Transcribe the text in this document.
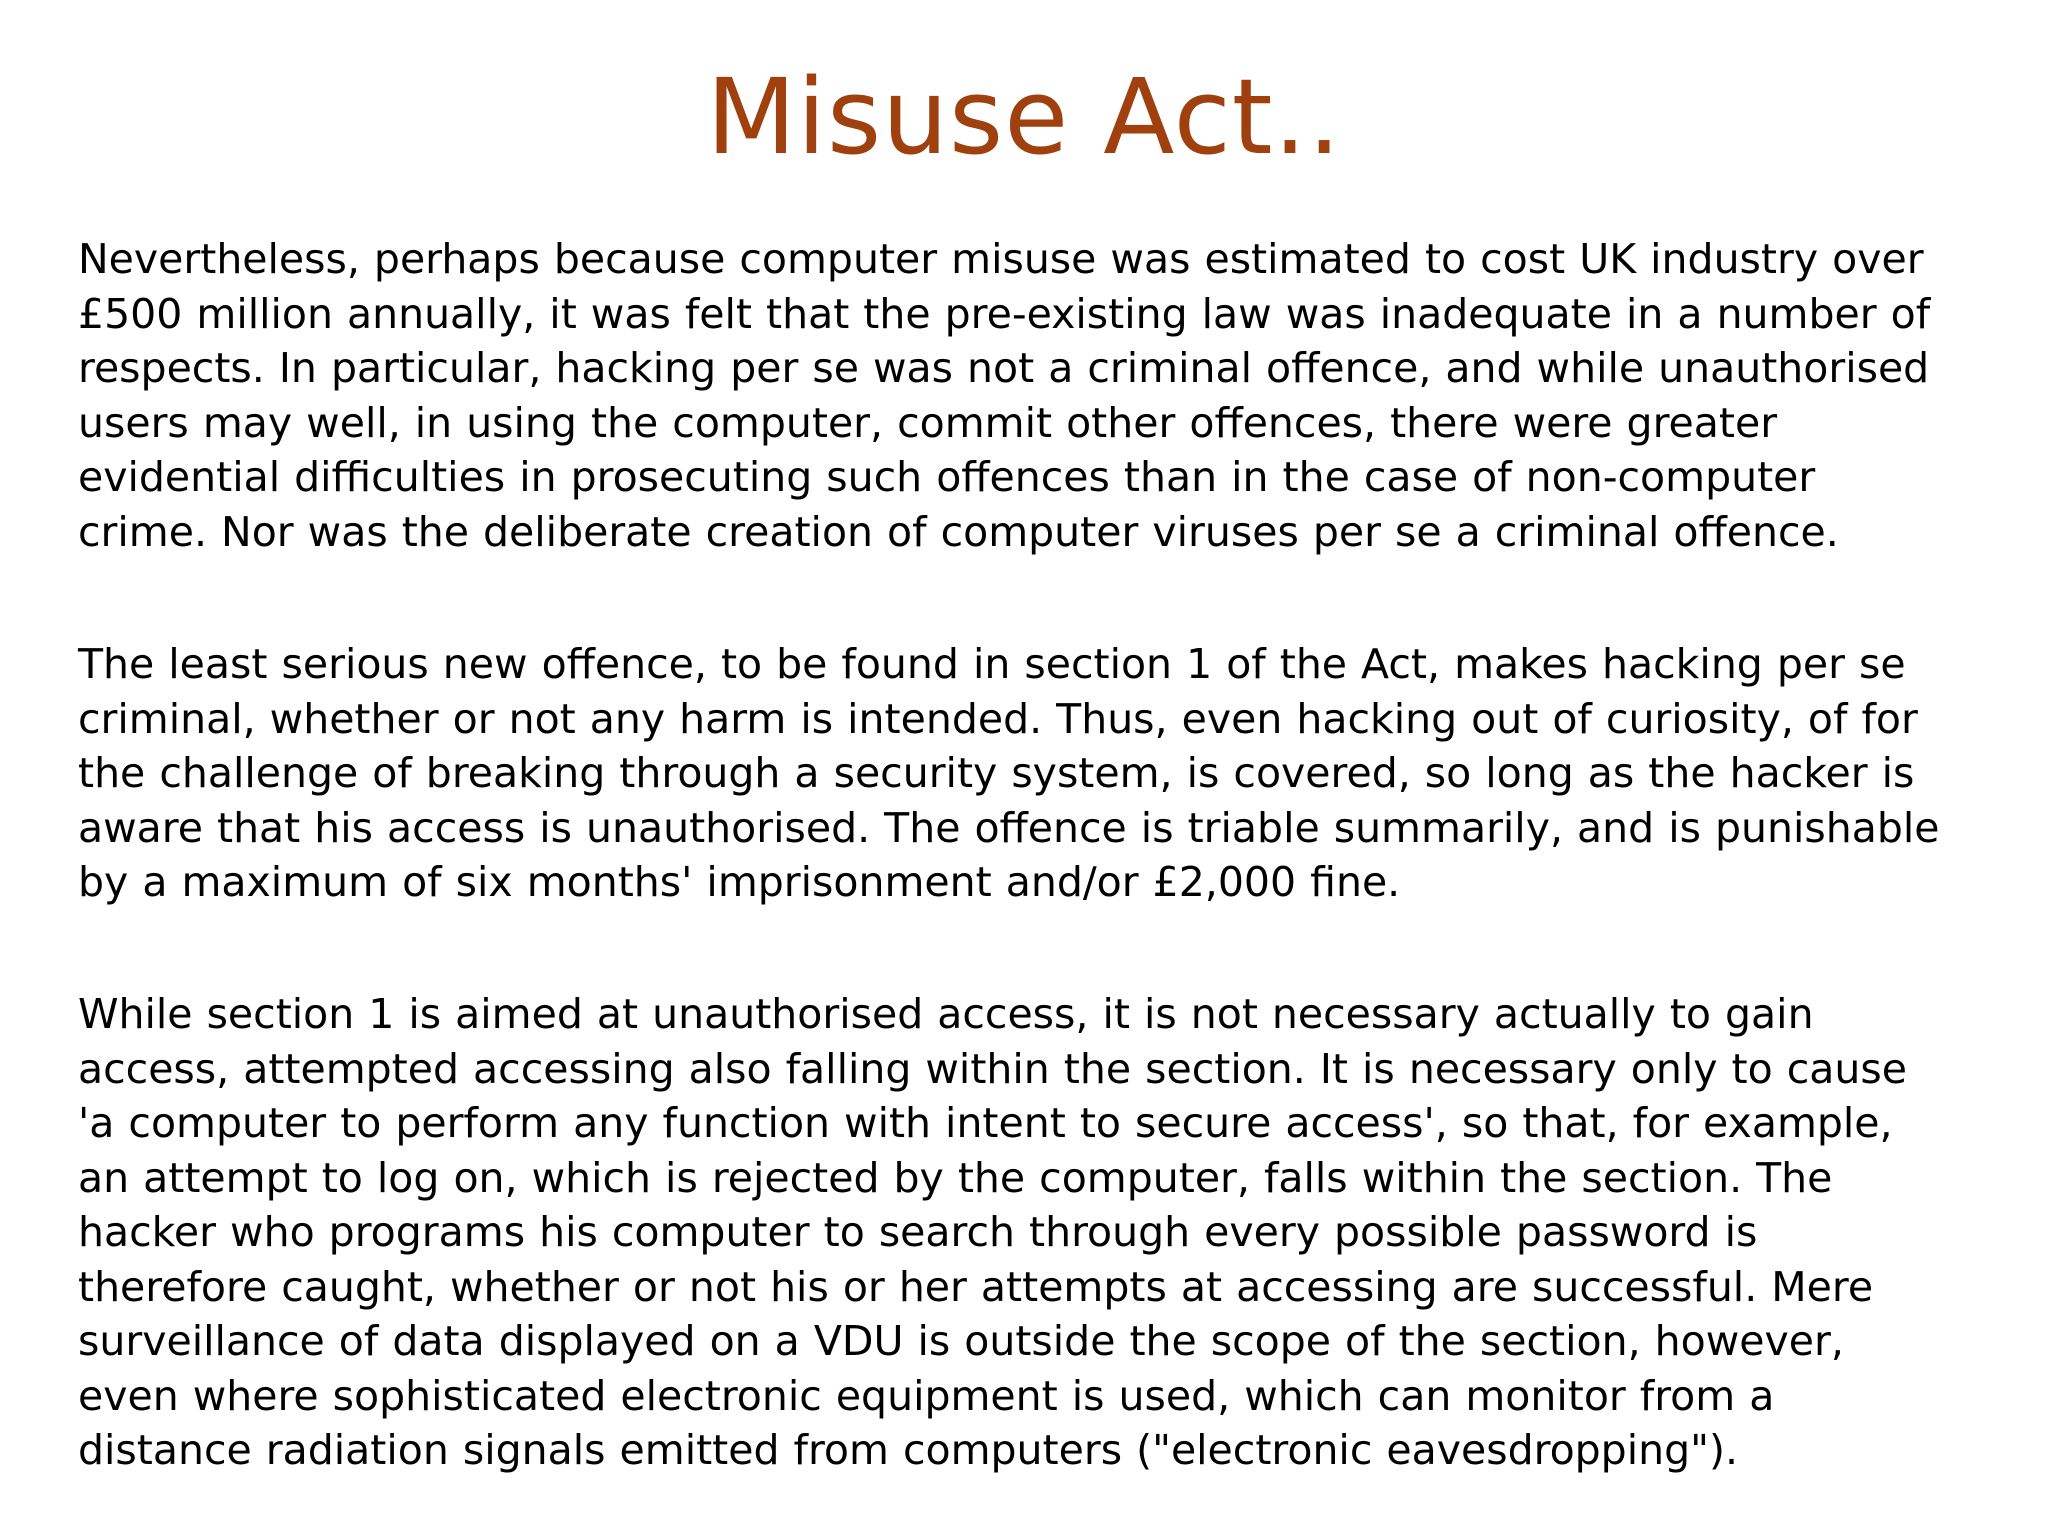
Misuse Act..

Nevertheless, perhaps because computer misuse was estimated to cost UK industry over
£500 million annually, it was felt that the pre-existing law was inadequate in a number of
respects. In particular, hacking per se was not a criminal offence, and while unauthorised
users may well, in using the computer, commit other offences, there were greater
evidential difficulties in prosecuting such offences than in the case of non-computer
crime. Nor was the deliberate creation of computer viruses per se a criminal offence.

The least serious new offence, to be found in section 1 of the Act, makes hacking per se
criminal, whether or not any harm is intended. Thus, even hacking out of curiosity, of for
the challenge of breaking through a security system, is covered, so long as the hacker is
aware that his access is unauthorised. The offence is triable summarily, and is punishable
by a maximum of six months' imprisonment and/or £2,000 fine.

While section 1 is aimed at unauthorised access, it is not necessary actually to gain
access, attempted accessing also falling within the section. It is necessary only to cause
'a computer to perform any function with intent to secure access', so that, for example,
an attempt to log on, which is rejected by the computer, falls within the section. The
hacker who programs his computer to search through every possible password is
therefore caught, whether or not his or her attempts at accessing are successful. Mere
surveillance of data displayed on a VDU is outside the scope of the section, however,
even where sophisticated electronic equipment is used, which can monitor from a
distance radiation signals emitted from computers ("electronic eavesdropping").
